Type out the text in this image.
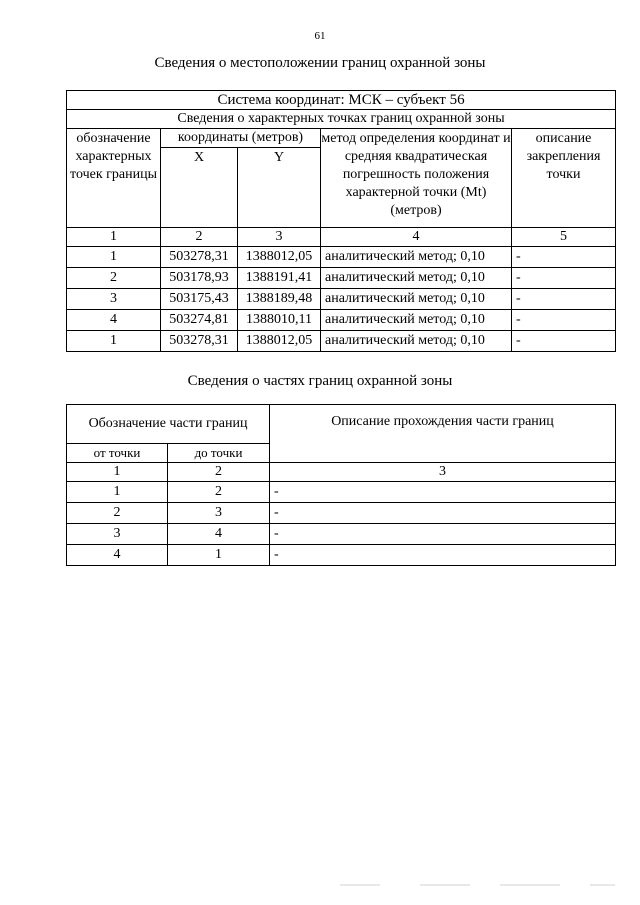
61
Сведения о местоположении границ охранной зоны
Система координат: МСК – субъект 56				
Сведения о характерных точках границ охранной зоны				
обозначение характерных точек границы	координаты (метров)		метод определения координат и средняя квадратическая погрешность положения характерной точки (Mt) (метров)	описание закрепления точки
	X	Y		
1	2	3	4	5
1	503278,31	1388012,05	аналитический метод; 0,10	-
2	503178,93	1388191,41	аналитический метод; 0,10	-
3	503175,43	1388189,48	аналитический метод; 0,10	-
4	503274,81	1388010,11	аналитический метод; 0,10	-
1	503278,31	1388012,05	аналитический метод; 0,10	-
Сведения о частях границ охранной зоны
Обозначение части границ		Описание прохождения части границ
от точки	до точки	
1	2	3
1	2	-
2	3	-
3	4	-
4	1	-
